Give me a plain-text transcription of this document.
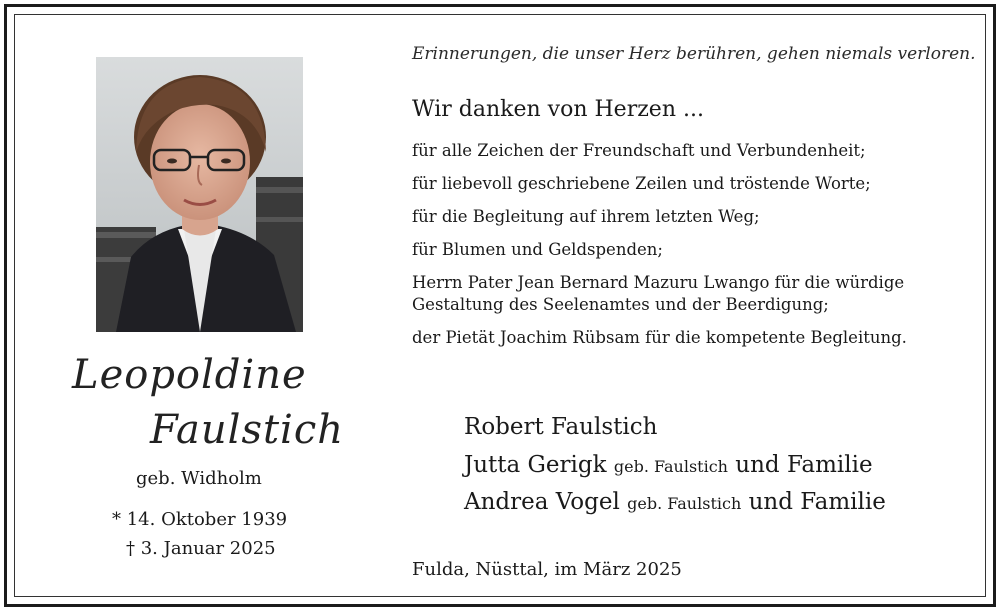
Leopoldine
Faulstich
geb. Widholm
* 14. Oktober 1939
† 3. Januar 2025
Erinnerungen, die unser Herz berühren, gehen niemals verloren.
Wir danken von Herzen ...
für alle Zeichen der Freundschaft und Verbundenheit;
für liebevoll geschriebene Zeilen und tröstende Worte;
für die Begleitung auf ihrem letzten Weg;
für Blumen und Geldspenden;
Herrn Pater Jean Bernard Mazuru Lwango für die würdige Gestaltung des Seelenamtes und der Beerdigung;
der Pietät Joachim Rübsam für die kompetente Begleitung.
Robert Faulstich
Jutta Gerigk geb. Faulstich und Familie
Andrea Vogel geb. Faulstich und Familie
Fulda, Nüsttal, im März 2025
